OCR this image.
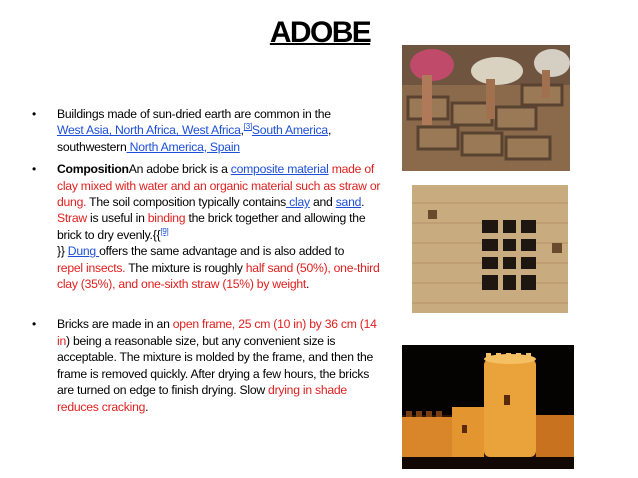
ADOBE
• Buildings made of sun-dried earth are common in the
West Asia, North Africa, West Africa,[3]South America,
southwestern North America, Spain
• CompositionAn adobe brick is a composite material made of clay mixed with water and an organic material such as straw or dung. The soil composition typically contains clay and sand. Straw is useful in binding the brick together and allowing the brick to dry evenly.{{[9]
}} Dung offers the same advantage and is also added to
repel insects. The mixture is roughly half sand (50%), one-third clay (35%), and one-sixth straw (15%) by weight.
• Bricks are made in an open frame, 25 cm (10 in) by 36 cm (14 in) being a reasonable size, but any convenient size is acceptable. The mixture is molded by the frame, and then the frame is removed quickly. After drying a few hours, the bricks are turned on edge to finish drying. Slow drying in shade reduces cracking.
